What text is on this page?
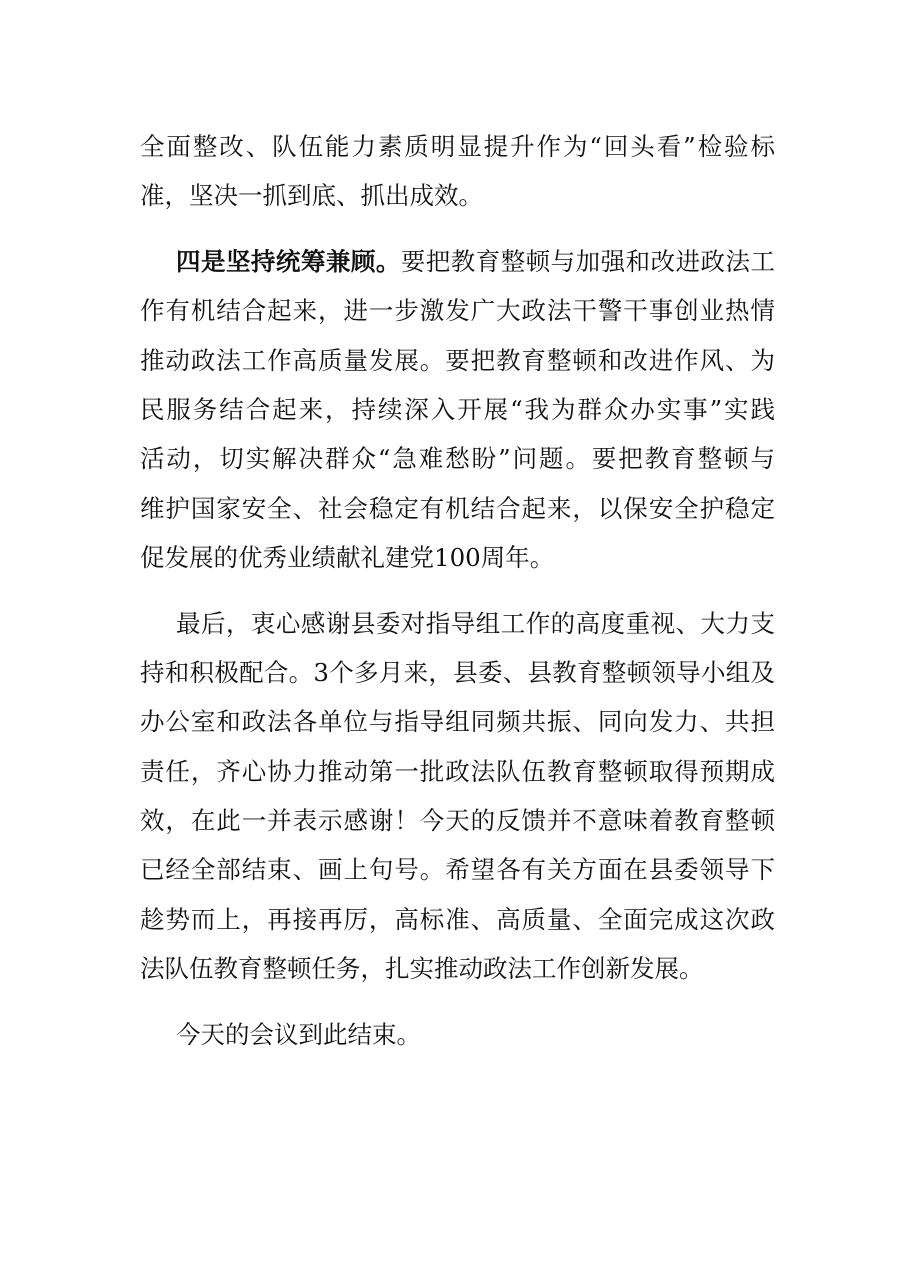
全面整改、队伍能力素质明显提升作为“回头看”检验标
准，坚决一抓到底、抓出成效。
四是坚持统筹兼顾。要把教育整顿与加强和改进政法工
作有机结合起来，进一步激发广大政法干警干事创业热情
推动政法工作高质量发展。要把教育整顿和改进作风、为
民服务结合起来，持续深入开展“我为群众办实事”实践
活动，切实解决群众“急难愁盼”问题。要把教育整顿与
维护国家安全、社会稳定有机结合起来，以保安全护稳定
促发展的优秀业绩献礼建党100周年。
最后，衷心感谢县委对指导组工作的高度重视、大力支
持和积极配合。3个多月来，县委、县教育整顿领导小组及
办公室和政法各单位与指导组同频共振、同向发力、共担
责任，齐心协力推动第一批政法队伍教育整顿取得预期成
效，在此一并表示感谢！今天的反馈并不意味着教育整顿
已经全部结束、画上句号。希望各有关方面在县委领导下
趁势而上，再接再厉，高标准、高质量、全面完成这次政
法队伍教育整顿任务，扎实推动政法工作创新发展。
今天的会议到此结束。
